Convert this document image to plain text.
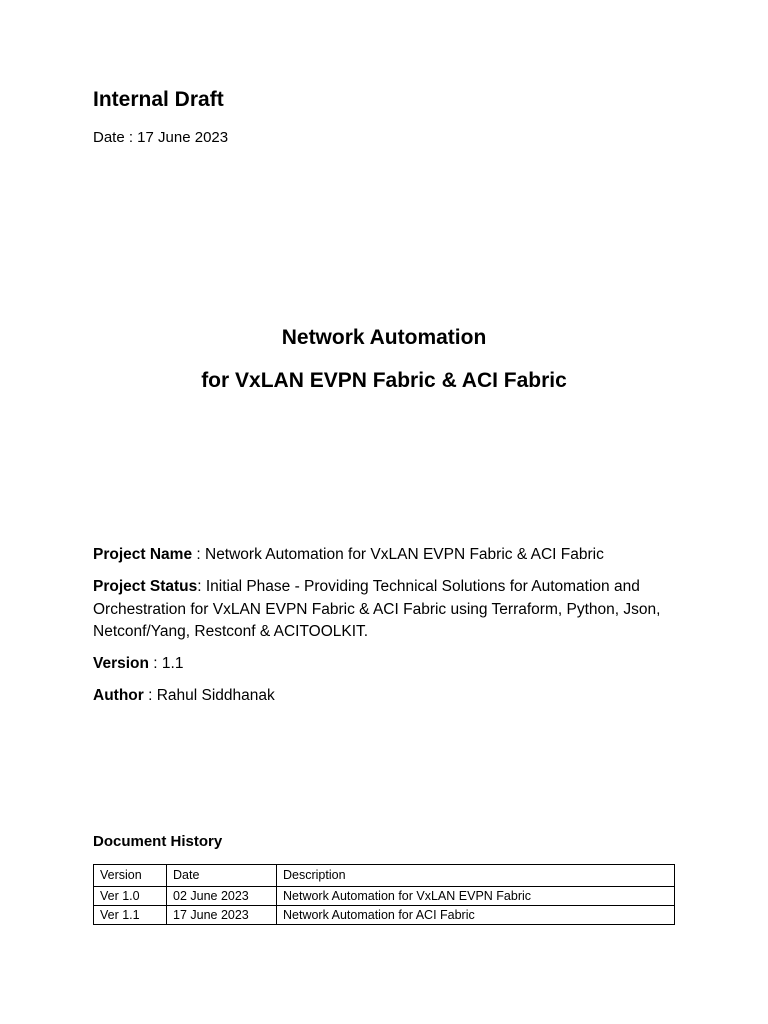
Internal Draft
Date : 17 June 2023
Network Automation
for VxLAN EVPN Fabric & ACI Fabric
Project Name : Network Automation for VxLAN EVPN Fabric & ACI Fabric
Project Status: Initial Phase - Providing Technical Solutions for Automation and Orchestration for VxLAN EVPN Fabric & ACI Fabric using Terraform, Python, Json, Netconf/Yang, Restconf & ACITOOLKIT.
Version : 1.1
Author : Rahul Siddhanak
Document History
Version	Date	Description
Ver 1.0	02 June 2023	Network Automation for VxLAN EVPN Fabric
Ver 1.1	17 June 2023	Network Automation for ACI Fabric
